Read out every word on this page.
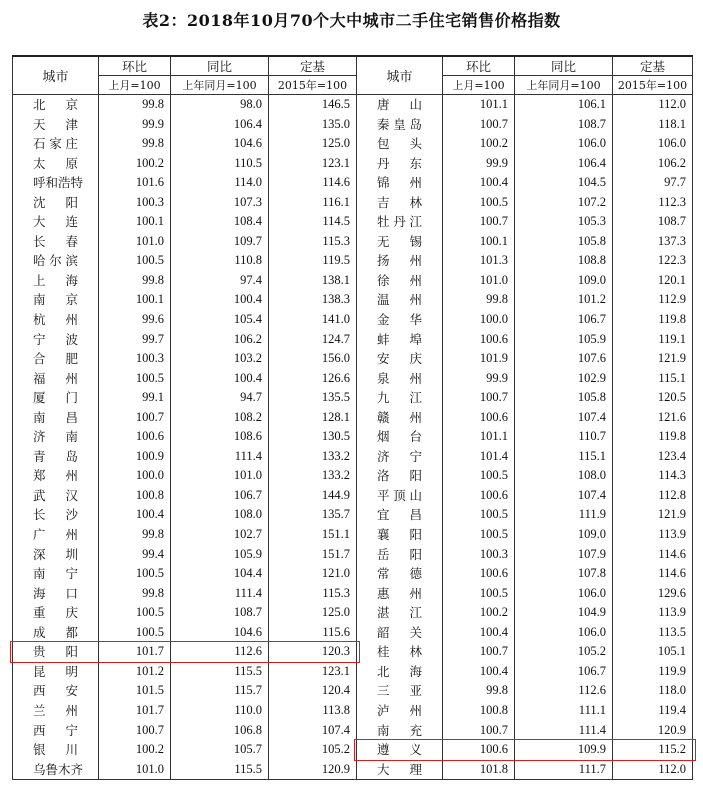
表2：2018年10月70个大中城市二手住宅销售价格指数
城市	环比	同比	定基	城市	环比	同比	定基
	上月=100	上年同月=100	2015年=100		上月=100	上年同月=100	2015年=100
北　京	99.8	98.0	146.5	唐　山	101.1	106.1	112.0
天　津	99.9	106.4	135.0	秦皇岛	100.7	108.7	118.1
石家庄	99.8	104.6	125.0	包　头	100.2	106.0	106.0
太　原	100.2	110.5	123.1	丹　东	99.9	106.4	106.2
呼和浩特	101.6	114.0	114.6	锦　州	100.4	104.5	97.7
沈　阳	100.3	107.3	116.1	吉　林	100.5	107.2	112.3
大　连	100.1	108.4	114.5	牡丹江	100.7	105.3	108.7
长　春	101.0	109.7	115.3	无　锡	100.1	105.8	137.3
哈尔滨	100.5	110.8	119.5	扬　州	101.3	108.8	122.3
上　海	99.8	97.4	138.1	徐　州	101.0	109.0	120.1
南　京	100.1	100.4	138.3	温　州	99.8	101.2	112.9
杭　州	99.6	105.4	141.0	金　华	100.0	106.7	119.8
宁　波	99.7	106.2	124.7	蚌　埠	100.6	105.9	119.1
合　肥	100.3	103.2	156.0	安　庆	101.9	107.6	121.9
福　州	100.5	100.4	126.6	泉　州	99.9	102.9	115.1
厦　门	99.1	94.7	135.5	九　江	100.7	105.8	120.5
南　昌	100.7	108.2	128.1	赣　州	100.6	107.4	121.6
济　南	100.6	108.6	130.5	烟　台	101.1	110.7	119.8
青　岛	100.9	111.4	133.2	济　宁	101.4	115.1	123.4
郑　州	100.0	101.0	133.2	洛　阳	100.5	108.0	114.3
武　汉	100.8	106.7	144.9	平顶山	100.6	107.4	112.8
长　沙	100.4	108.0	135.7	宜　昌	100.5	111.9	121.9
广　州	99.8	102.7	151.1	襄　阳	100.5	109.0	113.9
深　圳	99.4	105.9	151.7	岳　阳	100.3	107.9	114.6
南　宁	100.5	104.4	121.0	常　德	100.6	107.8	114.6
海　口	99.8	111.4	115.3	惠　州	100.5	106.0	129.6
重　庆	100.5	108.7	125.0	湛　江	100.2	104.9	113.9
成　都	100.5	104.6	115.6	韶　关	100.4	106.0	113.5
贵　阳	101.7	112.6	120.3	桂　林	100.7	105.2	105.1
昆　明	101.2	115.5	123.1	北　海	100.4	106.7	119.9
西　安	101.5	115.7	120.4	三　亚	99.8	112.6	118.0
兰　州	101.7	110.0	113.8	泸　州	100.8	111.1	119.4
西　宁	100.7	106.8	107.4	南　充	100.7	111.4	120.9
银　川	100.2	105.7	105.2	遵　义	100.6	109.9	115.2
乌鲁木齐	101.0	115.5	120.9	大　理	101.8	111.7	112.0
